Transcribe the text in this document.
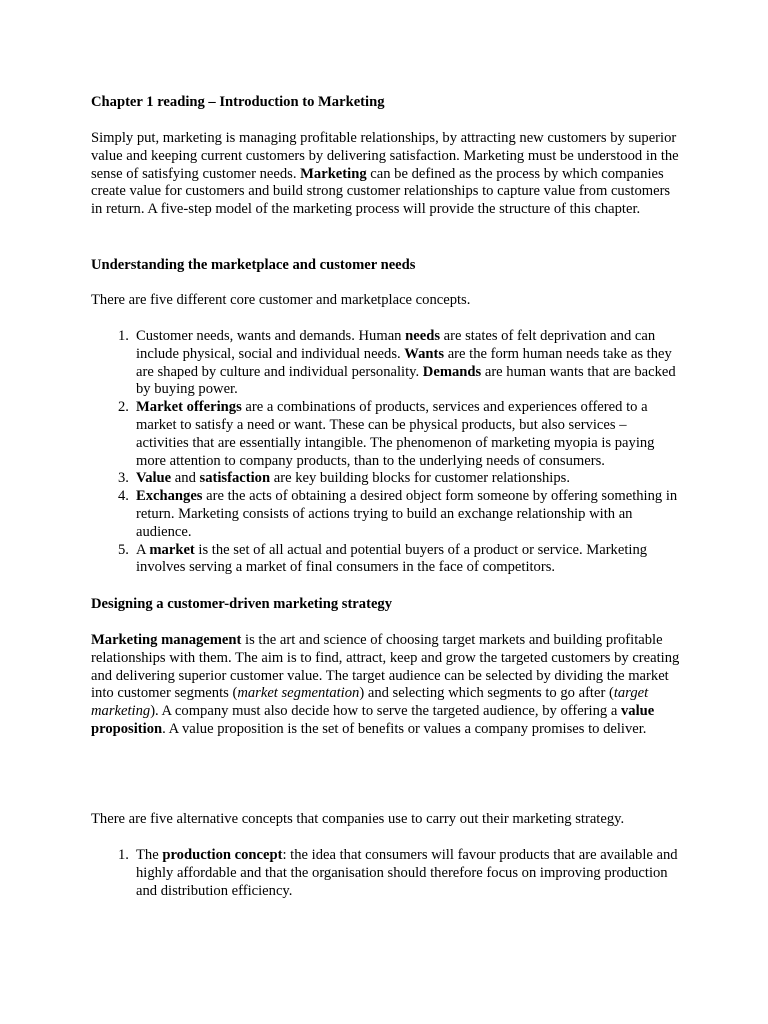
Chapter 1 reading – Introduction to Marketing

Simply put, marketing is managing profitable relationships, by attracting new customers by superior value and keeping current customers by delivering satisfaction. Marketing must be understood in the sense of satisfying customer needs. Marketing can be defined as the process by which companies create value for customers and build strong customer relationships to capture value from customers in return. A five-step model of the marketing process will provide the structure of this chapter.

Understanding the marketplace and customer needs

There are five different core customer and marketplace concepts.

1. Customer needs, wants and demands. Human needs are states of felt deprivation and can include physical, social and individual needs. Wants are the form human needs take as they are shaped by culture and individual personality. Demands are human wants that are backed by buying power.
2. Market offerings are a combinations of products, services and experiences offered to a market to satisfy a need or want. These can be physical products, but also services – activities that are essentially intangible. The phenomenon of marketing myopia is paying more attention to company products, than to the underlying needs of consumers.
3. Value and satisfaction are key building blocks for customer relationships.
4. Exchanges are the acts of obtaining a desired object form someone by offering something in return. Marketing consists of actions trying to build an exchange relationship with an audience.
5. A market is the set of all actual and potential buyers of a product or service. Marketing involves serving a market of final consumers in the face of competitors.

Designing a customer-driven marketing strategy

Marketing management is the art and science of choosing target markets and building profitable relationships with them. The aim is to find, attract, keep and grow the targeted customers by creating and delivering superior customer value. The target audience can be selected by dividing the market into customer segments (market segmentation) and selecting which segments to go after (target marketing). A company must also decide how to serve the targeted audience, by offering a value proposition. A value proposition is the set of benefits or values a company promises to deliver.

There are five alternative concepts that companies use to carry out their marketing strategy.

1. The production concept: the idea that consumers will favour products that are available and highly affordable and that the organisation should therefore focus on improving production and distribution efficiency.
